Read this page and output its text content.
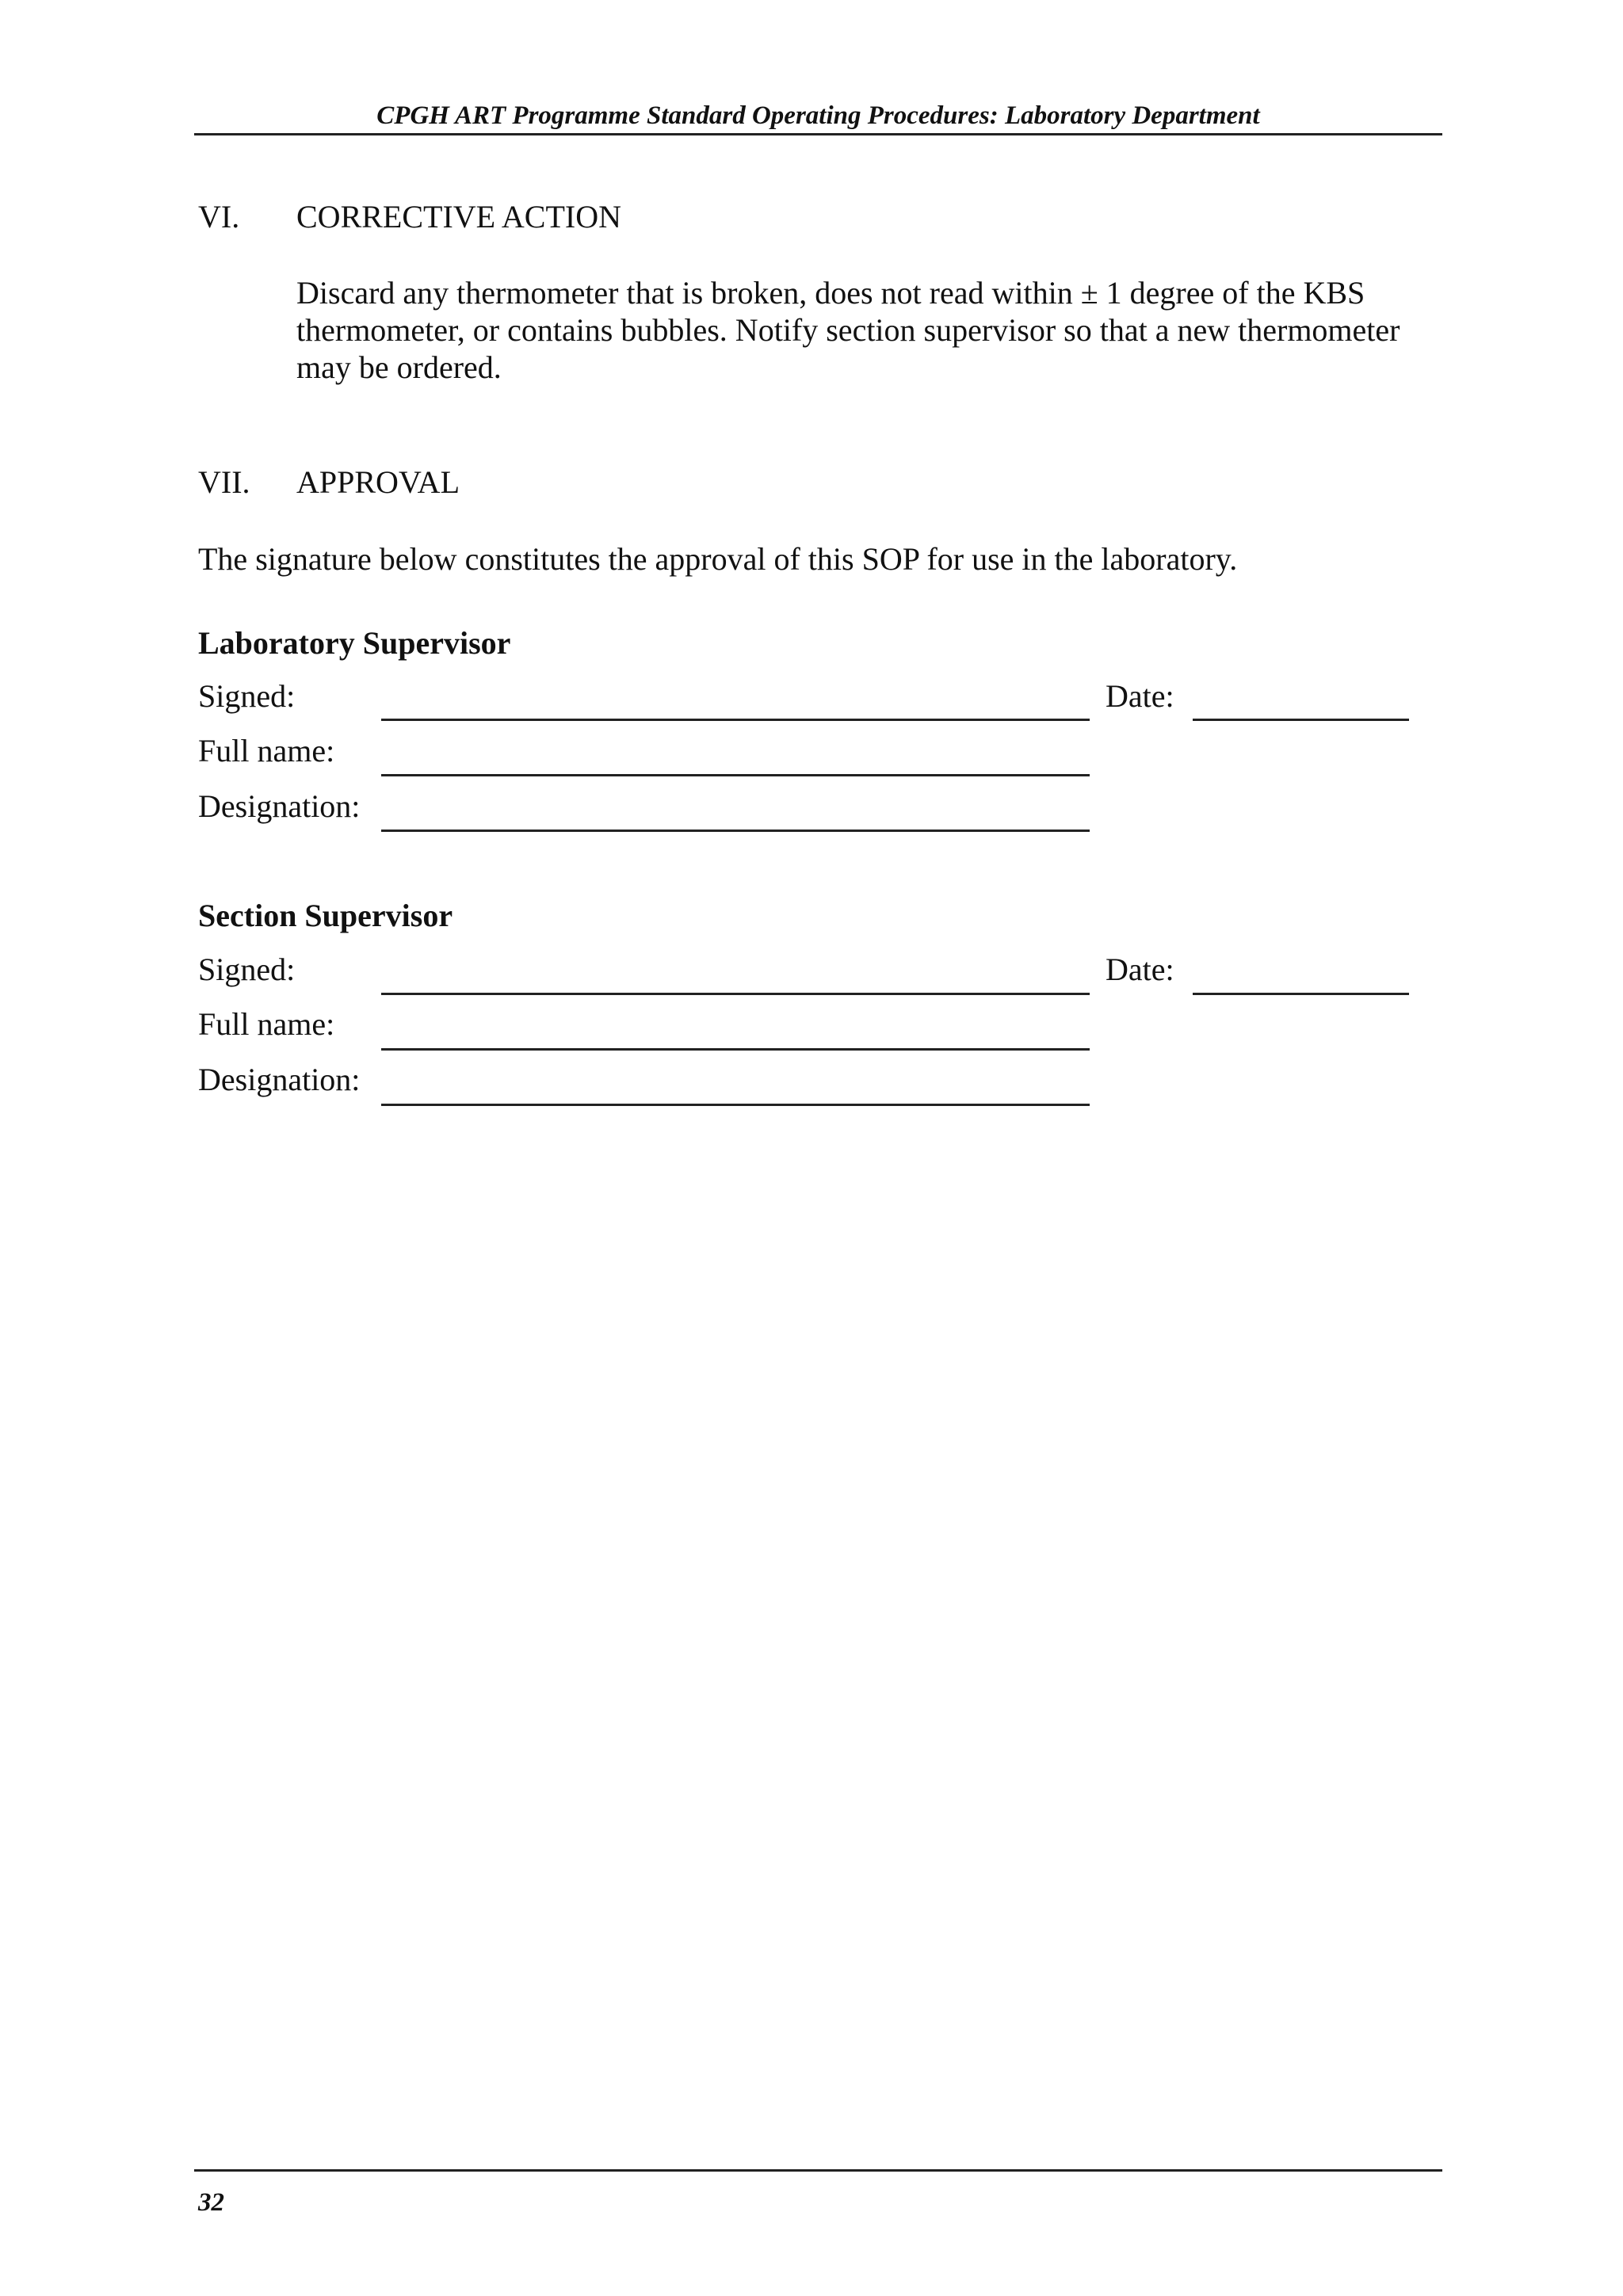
CPGH ART Programme Standard Operating Procedures: Laboratory Department
VI. CORRECTIVE ACTION
Discard any thermometer that is broken, does not read within ± 1 degree of the KBS thermometer, or contains bubbles. Notify section supervisor so that a new thermometer may be ordered.
VII. APPROVAL
The signature below constitutes the approval of this SOP for use in the laboratory.
Laboratory Supervisor
Signed:	Date:
Full name:
Designation:
Section Supervisor
Signed:	Date:
Full name:
Designation:
32
